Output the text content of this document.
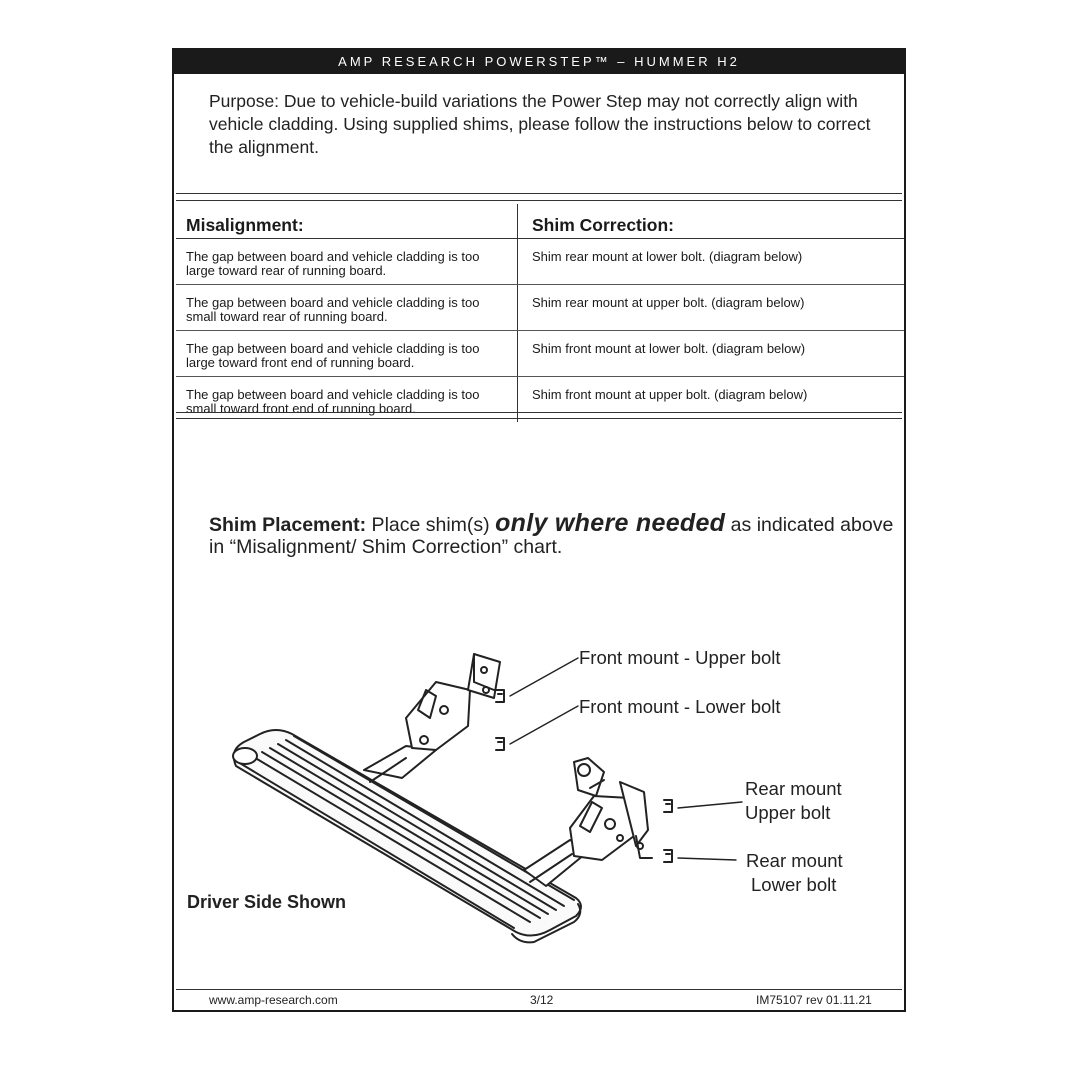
AMP RESEARCH POWERSTEP™ – HUMMER H2
Purpose: Due to vehicle-build variations the Power Step may not correctly align with vehicle cladding. Using supplied shims, please follow the instructions below to correct the alignment.
Misalignment:	Shim Correction:
The gap between board and vehicle cladding is too large toward rear of running board.	Shim rear mount at lower bolt. (diagram below)
The gap between board and vehicle cladding is too small toward rear of running board.	Shim rear mount at upper bolt. (diagram below)
The gap between board and vehicle cladding is too large toward front end of running board.	Shim front mount at lower bolt. (diagram below)
The gap between board and vehicle cladding is too small toward front end of running board.	Shim front mount at upper bolt. (diagram below)
Shim Placement: Place shim(s) only where needed as indicated above in “Misalignment/ Shim Correction” chart.
Front mount - Upper bolt
Front mount - Lower bolt
Rear mount
Upper bolt
Rear mount
Lower bolt
Driver Side Shown
www.amp-research.com	3/12	IM75107 rev 01.11.21
